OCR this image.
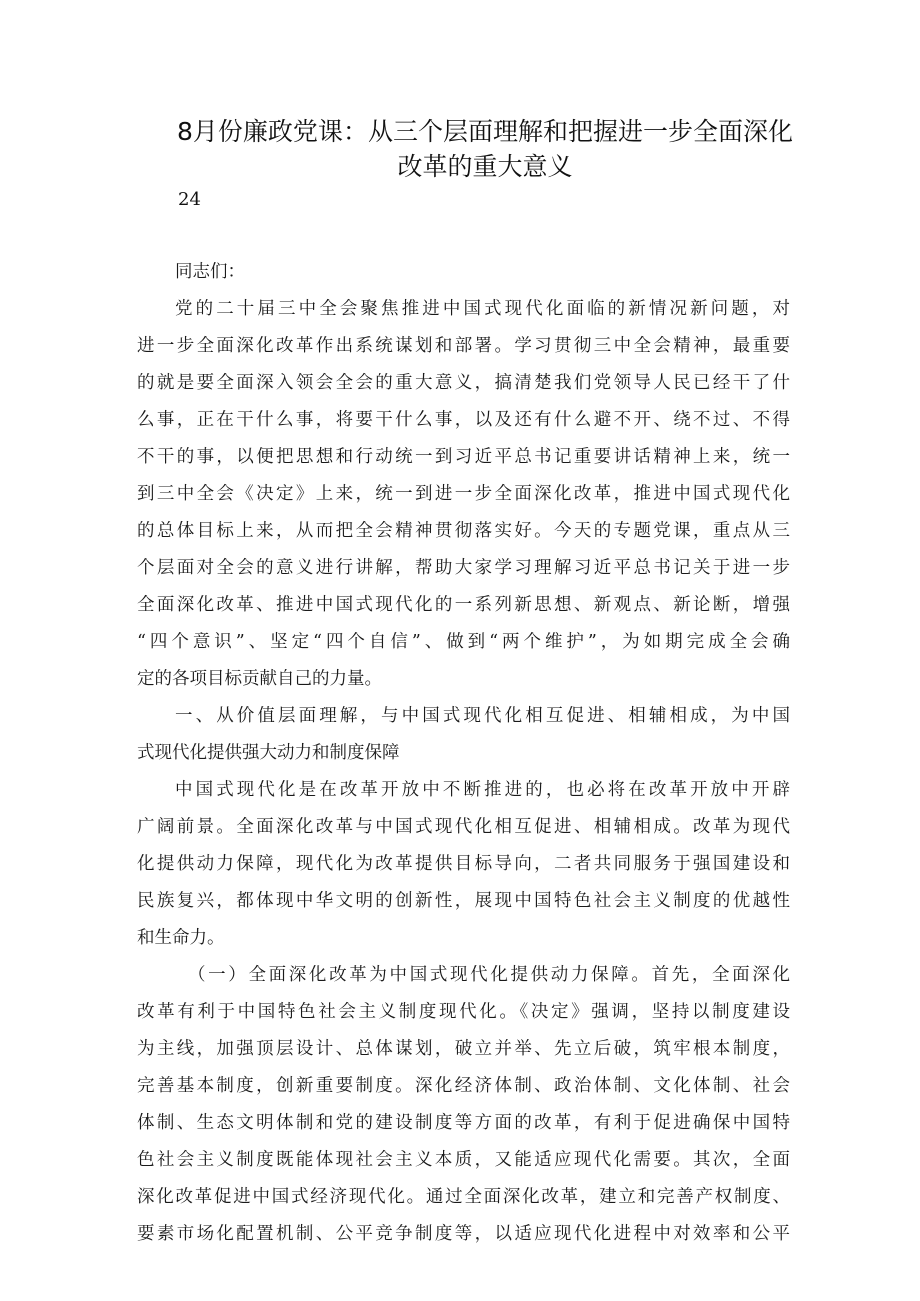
8月份廉政党课：从三个层面理解和把握进一步全面深化
改革的重大意义
24
同志们：
党的二十届三中全会聚焦推进中国式现代化面临的新情况新问题，对
进一步全面深化改革作出系统谋划和部署。学习贯彻三中全会精神，最重要
的就是要全面深入领会全会的重大意义，搞清楚我们党领导人民已经干了什
么事，正在干什么事，将要干什么事，以及还有什么避不开、绕不过、不得
不干的事，以便把思想和行动统一到习近平总书记重要讲话精神上来，统一
到三中全会《决定》上来，统一到进一步全面深化改革，推进中国式现代化
的总体目标上来，从而把全会精神贯彻落实好。今天的专题党课，重点从三
个层面对全会的意义进行讲解，帮助大家学习理解习近平总书记关于进一步
全面深化改革、推进中国式现代化的一系列新思想、新观点、新论断，增强
“四个意识”、坚定“四个自信”、做到“两个维护”，为如期完成全会确
定的各项目标贡献自己的力量。
一、从价值层面理解，与中国式现代化相互促进、相辅相成，为中国
式现代化提供强大动力和制度保障
中国式现代化是在改革开放中不断推进的，也必将在改革开放中开辟
广阔前景。全面深化改革与中国式现代化相互促进、相辅相成。改革为现代
化提供动力保障，现代化为改革提供目标导向，二者共同服务于强国建设和
民族复兴，都体现中华文明的创新性，展现中国特色社会主义制度的优越性
和生命力。
（一）全面深化改革为中国式现代化提供动力保障。首先，全面深化
改革有利于中国特色社会主义制度现代化。《决定》强调，坚持以制度建设
为主线，加强顶层设计、总体谋划，破立并举、先立后破，筑牢根本制度，
完善基本制度，创新重要制度。深化经济体制、政治体制、文化体制、社会
体制、生态文明体制和党的建设制度等方面的改革，有利于促进确保中国特
色社会主义制度既能体现社会主义本质，又能适应现代化需要。其次，全面
深化改革促进中国式经济现代化。通过全面深化改革，建立和完善产权制度、
要素市场化配置机制、公平竞争制度等，以适应现代化进程中对效率和公平
